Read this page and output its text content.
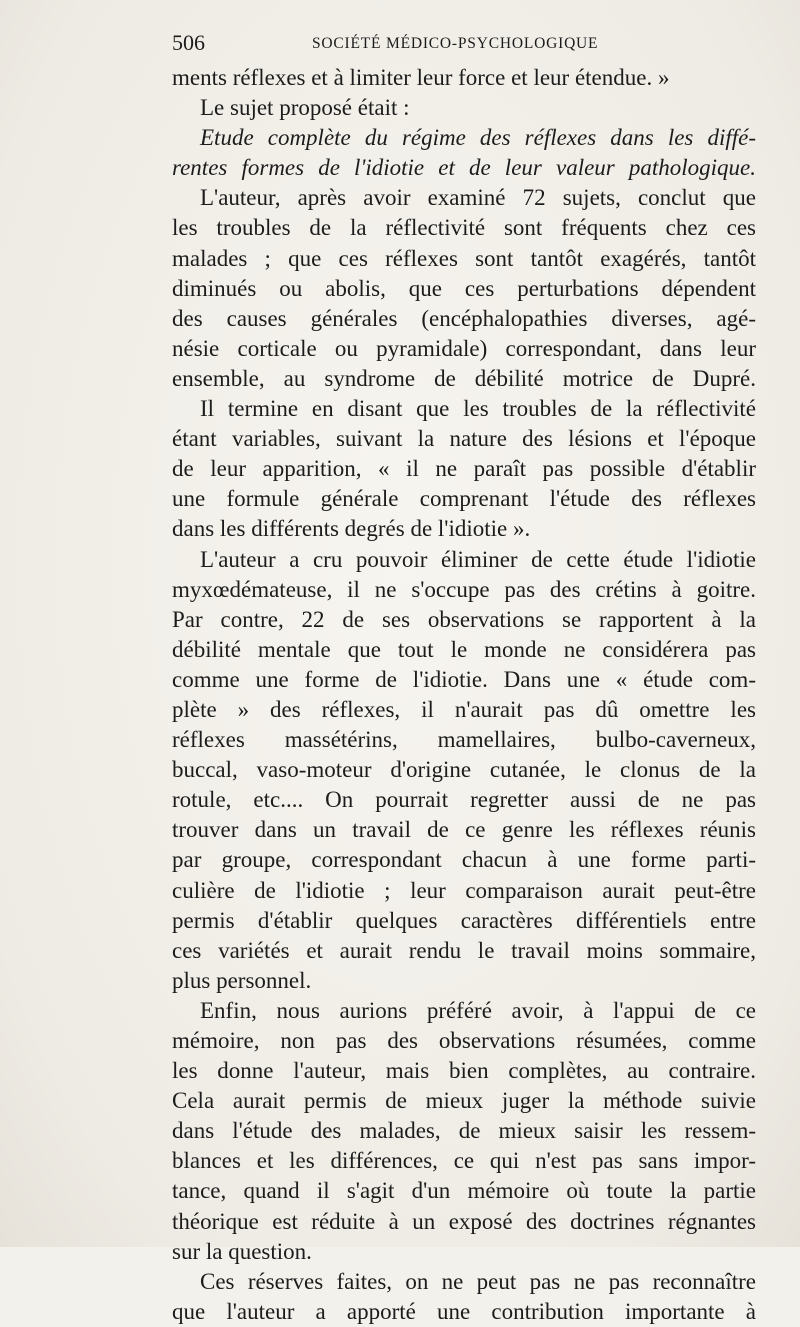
506	SOCIÉTÉ MÉDICO-PSYCHOLOGIQUE
ments réflexes et à limiter leur force et leur étendue. »
Le sujet proposé était :
Etude complète du régime des réflexes dans les diffé-
rentes formes de l'idiotie et de leur valeur pathologique.
L'auteur, après avoir examiné 72 sujets, conclut que
les troubles de la réflectivité sont fréquents chez ces
malades ; que ces réflexes sont tantôt exagérés, tantôt
diminués ou abolis, que ces perturbations dépendent
des causes générales (encéphalopathies diverses, agé-
nésie corticale ou pyramidale) correspondant, dans leur
ensemble, au syndrome de débilité motrice de Dupré.
Il termine en disant que les troubles de la réflectivité
étant variables, suivant la nature des lésions et l'époque
de leur apparition, « il ne paraît pas possible d'établir
une formule générale comprenant l'étude des réflexes
dans les différents degrés de l'idiotie ».
L'auteur a cru pouvoir éliminer de cette étude l'idiotie
myxœdémateuse, il ne s'occupe pas des crétins à goitre.
Par contre, 22 de ses observations se rapportent à la
débilité mentale que tout le monde ne considérera pas
comme une forme de l'idiotie. Dans une « étude com-
plète » des réflexes, il n'aurait pas dû omettre les
réflexes massétérins, mamellaires, bulbo-caverneux,
buccal, vaso-moteur d'origine cutanée, le clonus de la
rotule, etc.... On pourrait regretter aussi de ne pas
trouver dans un travail de ce genre les réflexes réunis
par groupe, correspondant chacun à une forme parti-
culière de l'idiotie ; leur comparaison aurait peut-être
permis d'établir quelques caractères différentiels entre
ces variétés et aurait rendu le travail moins sommaire,
plus personnel.
Enfin, nous aurions préféré avoir, à l'appui de ce
mémoire, non pas des observations résumées, comme
les donne l'auteur, mais bien complètes, au contraire.
Cela aurait permis de mieux juger la méthode suivie
dans l'étude des malades, de mieux saisir les ressem-
blances et les différences, ce qui n'est pas sans impor-
tance, quand il s'agit d'un mémoire où toute la partie
théorique est réduite à un exposé des doctrines régnantes
sur la question.
Ces réserves faites, on ne peut pas ne pas reconnaître
que l'auteur a apporté une contribution importante à
